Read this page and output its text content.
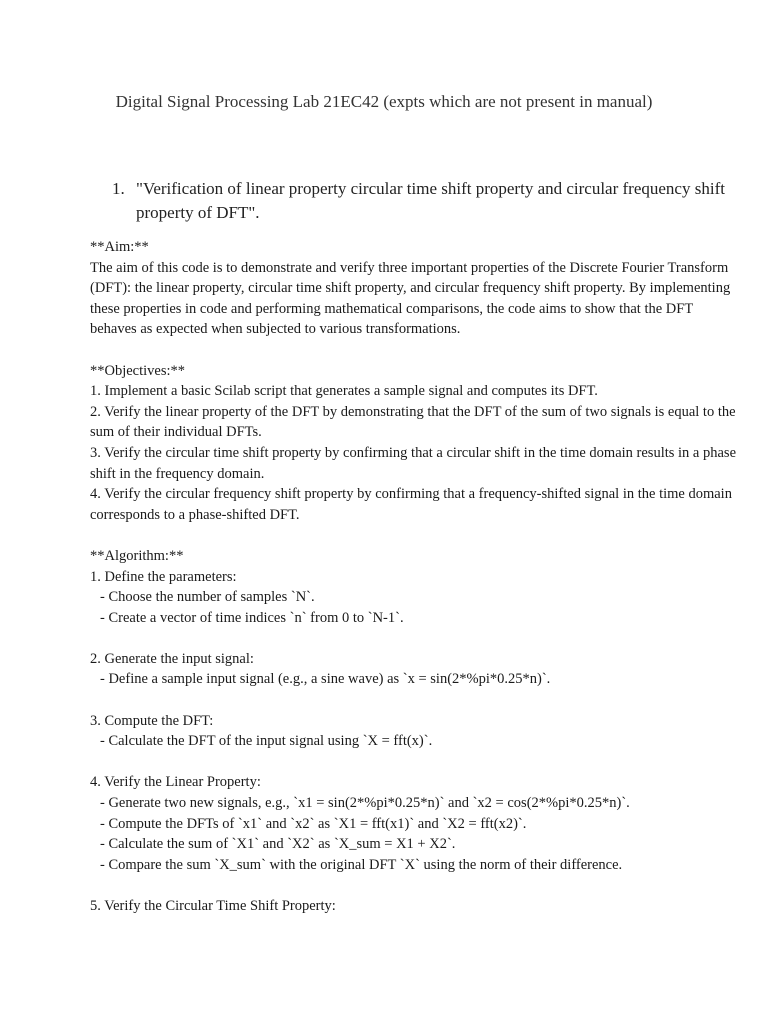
Digital Signal Processing Lab 21EC42 (expts which are not present in manual)
1. "Verification of linear property circular time shift property and circular frequency shift property of DFT".
**Aim:**
The aim of this code is to demonstrate and verify three important properties of the Discrete Fourier Transform (DFT): the linear property, circular time shift property, and circular frequency shift property. By implementing these properties in code and performing mathematical comparisons, the code aims to show that the DFT behaves as expected when subjected to various transformations.
**Objectives:**
1. Implement a basic Scilab script that generates a sample signal and computes its DFT.
2. Verify the linear property of the DFT by demonstrating that the DFT of the sum of two signals is equal to the sum of their individual DFTs.
3. Verify the circular time shift property by confirming that a circular shift in the time domain results in a phase shift in the frequency domain.
4. Verify the circular frequency shift property by confirming that a frequency-shifted signal in the time domain corresponds to a phase-shifted DFT.
**Algorithm:**
1. Define the parameters:
- Choose the number of samples `N`.
- Create a vector of time indices `n` from 0 to `N-1`.
2. Generate the input signal:
- Define a sample input signal (e.g., a sine wave) as `x = sin(2*%pi*0.25*n)`.
3. Compute the DFT:
- Calculate the DFT of the input signal using `X = fft(x)`.
4. Verify the Linear Property:
- Generate two new signals, e.g., `x1 = sin(2*%pi*0.25*n)` and `x2 = cos(2*%pi*0.25*n)`.
- Compute the DFTs of `x1` and `x2` as `X1 = fft(x1)` and `X2 = fft(x2)`.
- Calculate the sum of `X1` and `X2` as `X_sum = X1 + X2`.
- Compare the sum `X_sum` with the original DFT `X` using the norm of their difference.
5. Verify the Circular Time Shift Property:
